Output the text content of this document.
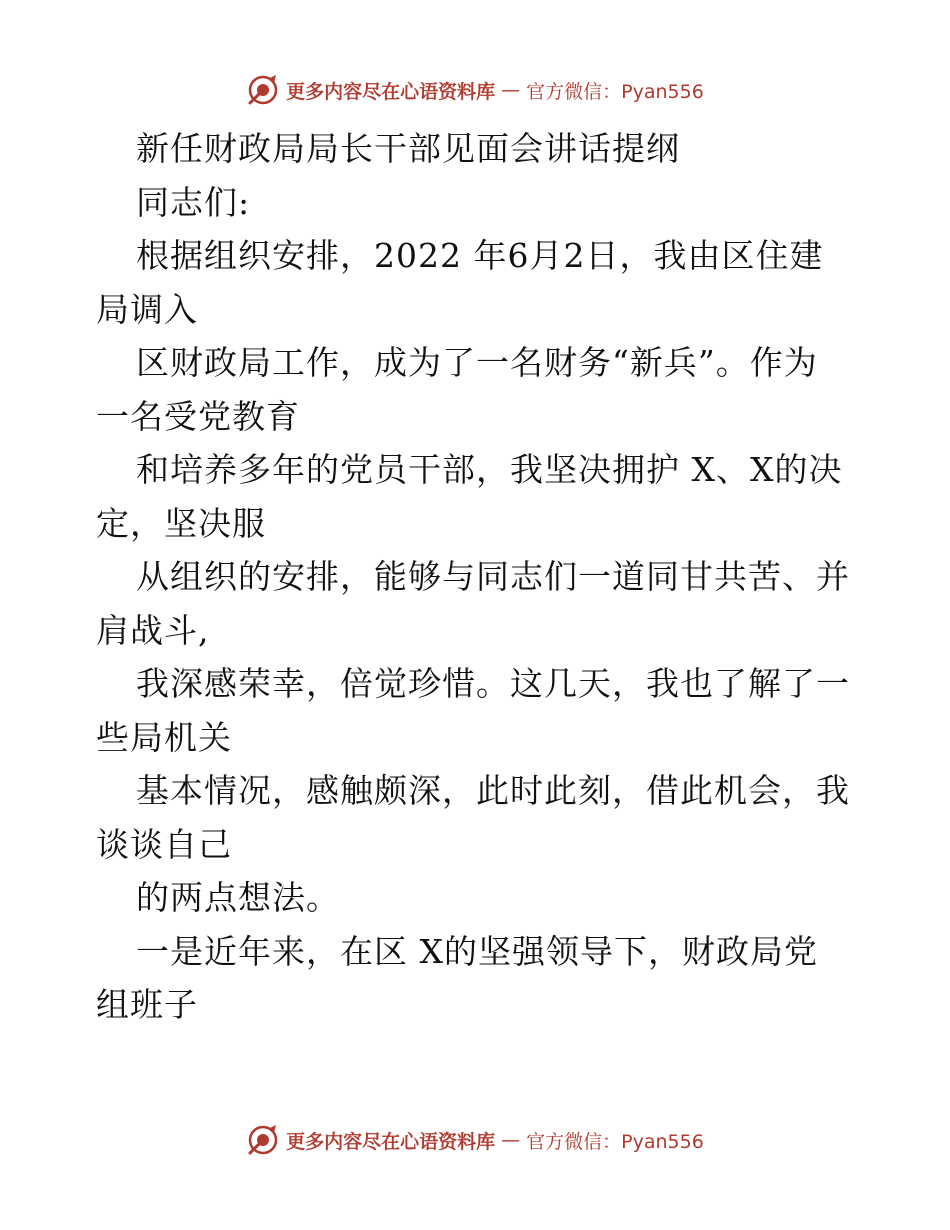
更多内容尽在心语资料库 — 官方微信：Pyan556
新任财政局局长干部见面会讲话提纲
同志们:
根据组织安排，2022 年6月2日，我由区住建
局调入
区财政局工作，成为了一名财务“新兵”。作为
一名受党教育
和培养多年的党员干部，我坚决拥护 X、X的决
定，坚决服
从组织的安排，能够与同志们一道同甘共苦、并
肩战斗,
我深感荣幸，倍觉珍惜。这几天，我也了解了一
些局机关
基本情况，感触颇深，此时此刻，借此机会，我
谈谈自己
的两点想法。
一是近年来，在区 X的坚强领导下，财政局党
组班子
更多内容尽在心语资料库 — 官方微信：Pyan556
